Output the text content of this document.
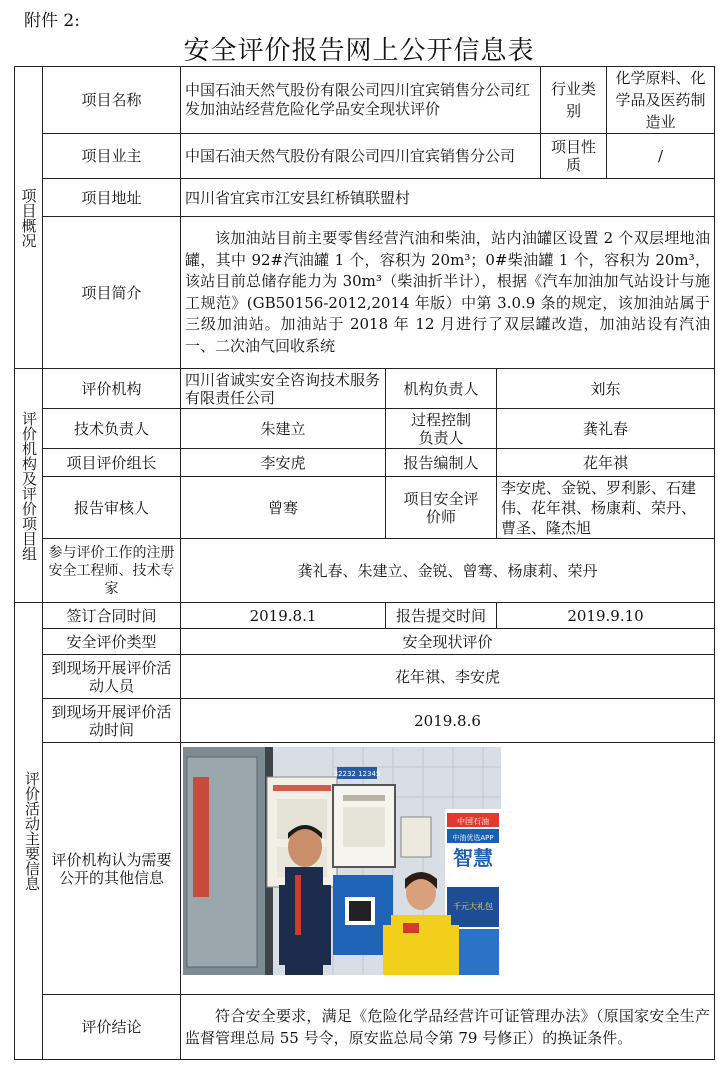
附件 2:
安全评价报告网上公开信息表
项目概况	项目名称	中国石油天然气股份有限公司四川宜宾销售分公司红发加油站经营危险化学品安全现状评价			行业类别	化学原料、化学品及医药制造业
	项目业主	中国石油天然气股份有限公司四川宜宾销售分公司			项目性质	/
	项目地址	四川省宜宾市江安县红桥镇联盟村				
	项目简介	该加油站目前主要零售经营汽油和柴油，站内油罐区设置 2 个双层埋地油罐，其中 92#汽油罐 1 个，容积为 20m³；0#柴油罐 1 个，容积为 20m³，该站目前总储存能力为 30m³（柴油折半计），根据《汽车加油加气站设计与施工规范》(GB50156-2012,2014 年版）中第 3.0.9 条的规定，该加油站属于三级加油站。加油站于 2018 年 12 月进行了双层罐改造，加油站设有汽油一、二次油气回收系统				

评价机构及评价项目组	评价机构	四川省诚实安全咨询技术服务有限责任公司	机构负责人	刘东		
	技术负责人	朱建立	过程控制负责人	龚礼春		
	项目评价组长	李安虎	报告编制人	花年祺		
	报告审核人	曾骞	项目安全评价师	李安虎、金锐、罗利影、石建伟、花年祺、杨康莉、荣丹、曹圣、隆杰旭		
	参与评价工作的注册安全工程师、技术专家	龚礼春、朱建立、金锐、曾骞、杨康莉、荣丹				

评价活动主要信息	签订合同时间	2019.8.1	报告提交时间	2019.9.10		
	安全评价类型	安全现状评价				
	到现场开展评价活动人员	花年祺、李安虎				
	到现场开展评价活动时间	2019.8.6				
	评价机构认为需要公开的其他信息	32232 12345
中国石油
中油优选APP
智慧
千元大礼包				

	评价结论	符合安全要求，满足《危险化学品经营许可证管理办法》（原国家安全生产监督管理总局 55 号令，原安监总局令第 79 号修正）的换证条件。				
